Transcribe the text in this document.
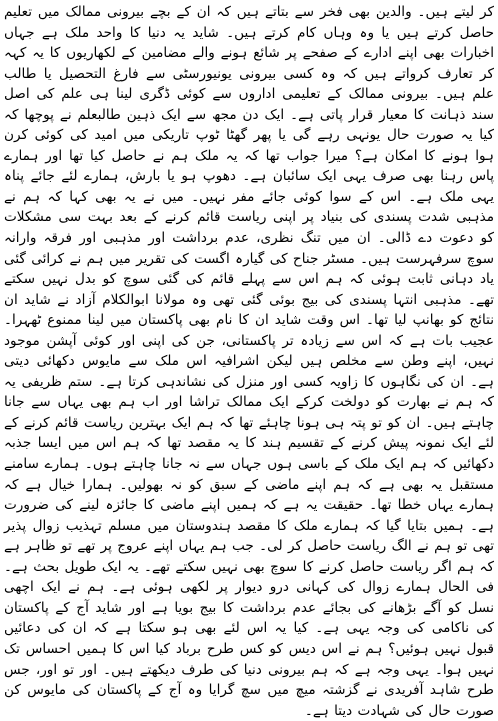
کر لیتے ہیں۔ والدین بھی فخر سے بتاتے ہیں کہ ان کے بچے بیرونی ممالک میں تعلیم حاصل کرتے ہیں یا وہ وہاں کام کرتے ہیں۔ شاید یہ دنیا کا واحد ملک ہے جہاں اخبارات بھی اپنے ادارے کے صفحے پر شائع ہونے والے مضامین کے لکھاریوں کا یہ کہہ کر تعارف کرواتے ہیں کہ وہ کسی بیرونی یونیورسٹی سے فارغ التحصیل یا طالب علم ہیں۔ بیرونی ممالک کے تعلیمی اداروں سے کوئی ڈگری لینا ہی علم کی اصل سند ذہانت کا معیار قرار پاتی ہے۔ ایک دن مجھ سے ایک ذہین طالبعلم نے پوچھا کہ کیا یہ صورت حال یونہی رہے گی یا پھر گھٹا ٹوپ تاریکی میں امید کی کوئی کرن ہوا ہونے کا امکان ہے؟ میرا جواب تھا کہ یہ ملک ہم نے حاصل کیا تھا اور ہمارے پاس رہنا بھی صرف یہی ایک سائبان ہے۔ دھوپ ہو یا بارش، ہمارے لئے جائے پناہ یہی ملک ہے۔ اس کے سوا کوئی جائے مفر نہیں۔ میں نے یہ بھی کہا کہ ہم نے مذہبی شدت پسندی کی بنیاد پر اپنی ریاست قائم کرنے کے بعد بہت سی مشکلات کو دعوت دے ڈالی۔ ان میں تنگ نظری، عدم برداشت اور مذہبی اور فرقہ وارانہ سوچ سرفہرست ہیں۔ مسٹر جناح کی گیارہ اگست کی تقریر میں ہم نے کرائی گئی یاد دہانی ثابت ہوئی کہ ہم اس سے پہلے قائم کی گئی سوچ کو بدل نہیں سکتے تھے۔ مذہبی انتہا پسندی کی بیج بوئی گئی تھی وہ مولانا ابوالکلام آزاد نے شاید ان نتائج کو بھانپ لیا تھا۔ اس وقت شاید ان کا نام بھی پاکستان میں لینا ممنوع ٹھہرا۔ عجیب بات ہے کہ اس سے زیادہ تر پاکستانی، جن کی اپنی اور کوئی آپشن موجود نہیں، اپنے وطن سے مخلص ہیں لیکن اشرافیہ اس ملک سے مایوس دکھائی دیتی ہے۔ ان کی نگاہوں کا زاویہ کسی اور منزل کی نشاندہی کرتا ہے۔ ستم ظریفی یہ کہ ہم نے بھارت کو دولخت کرکے ایک ممالک تراشا اور اب ہم بھی یہاں سے جانا چاہتے ہیں۔ ان کو تو پتہ ہی ہونا چاہئے تھا کہ ہم ایک بہترین ریاست قائم کرنے کے لئے ایک نمونہ پیش کرنے کے تقسیم ہند کا یہ مقصد تھا کہ ہم اس میں ایسا جذبہ دکھائیں کہ ہم ایک ملک کے باسی ہوں جہاں سے نہ جانا چاہتے ہوں۔ ہمارے سامنے مستقبل یہ بھی ہے کہ ہم اپنے ماضی کے سبق کو نہ بھولیں۔ ہمارا خیال ہے کہ ہمارے یہاں خطا تھا۔ حقیقت یہ ہے کہ ہمیں اپنے ماضی کا جائزہ لینے کی ضرورت ہے۔ ہمیں بتایا گیا کہ ہمارے ملک کا مقصد ہندوستان میں مسلم تہذیب زوال پذیر تھی تو ہم نے الگ ریاست حاصل کر لی۔ جب ہم یہاں اپنے عروج پر تھے تو ظاہر ہے کہ ہم اگر ریاست حاصل کرنے کا سوچ بھی نہیں سکتے تھے۔ یہ ایک طویل بحث ہے۔ فی الحال ہمارے زوال کی کہانی درو دیوار پر لکھی ہوئی ہے۔ ہم نے ایک اچھی نسل کو آگے بڑھانے کی بجائے عدم برداشت کا بیج بویا ہے اور شاید آج کے پاکستان کی ناکامی کی وجہ یہی ہے۔ کیا یہ اس لئے بھی ہو سکتا ہے کہ ان کی دعائیں قبول نہیں ہوئیں؟ ہم نے اس دیس کو کس طرح برباد کیا اس کا ہمیں احساس تک نہیں ہوا۔ یہی وجہ ہے کہ ہم بیرونی دنیا کی طرف دیکھتے ہیں۔ اور تو اور، جس طرح شاہد آفریدی نے گزشتہ میچ میں سچ گرایا وہ آج کے پاکستان کی مایوس کن صورت حال کی شہادت دیتا ہے۔
